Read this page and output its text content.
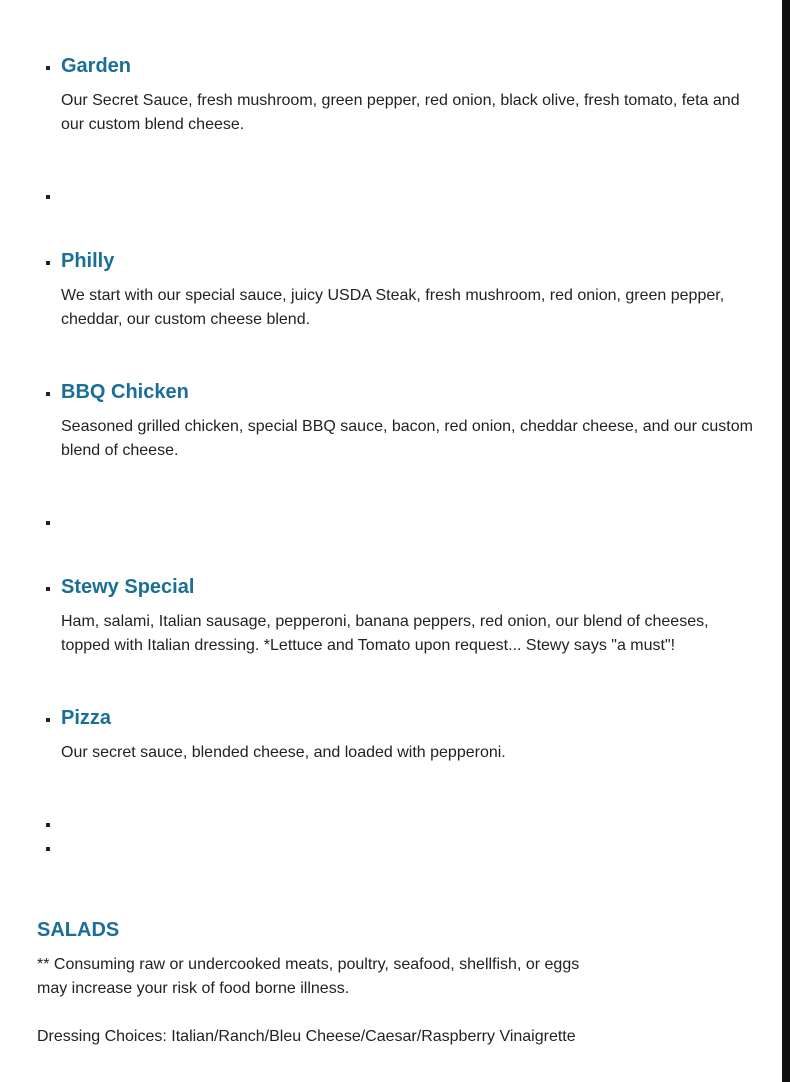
▪ Garden

Our Secret Sauce, fresh mushroom, green pepper, red onion, black olive, fresh tomato, feta and our custom blend cheese.

▪
▪ Philly

We start with our special sauce, juicy USDA Steak, fresh mushroom, red onion, green pepper, cheddar, our custom cheese blend.

▪ BBQ Chicken

Seasoned grilled chicken, special BBQ sauce, bacon, red onion, cheddar cheese, and our custom blend of cheese.

▪
▪ Stewy Special

Ham, salami, Italian sausage, pepperoni, banana peppers, red onion, our blend of cheeses, topped with Italian dressing. *Lettuce and Tomato upon request... Stewy says "a must"!

▪ Pizza

Our secret sauce, blended cheese, and loaded with pepperoni.

▪
▪
SALADS

** Consuming raw or undercooked meats, poultry, seafood, shellfish, or eggs
may increase your risk of food borne illness.

Dressing Choices: Italian/Ranch/Bleu Cheese/Caesar/Raspberry Vinaigrette
